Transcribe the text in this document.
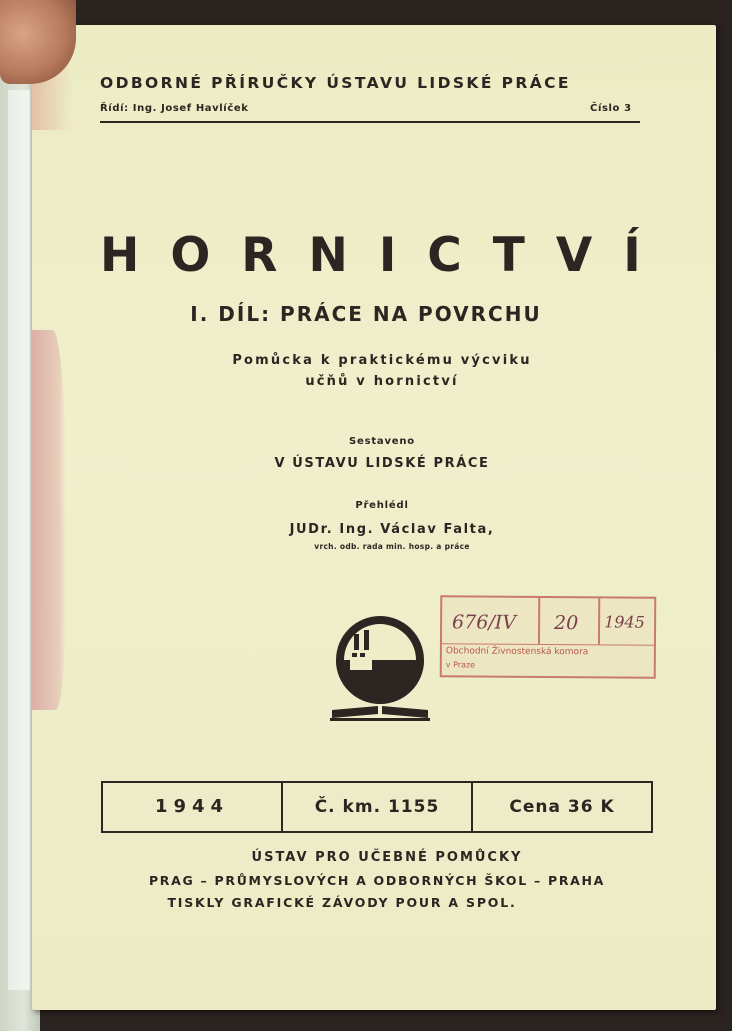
ODBORNÉ PŘÍRUČKY ÚSTAVU LIDSKÉ PRÁCE
Řídí: Ing. Josef Havlíček	Číslo 3
HORNICTVÍ
I. DÍL: PRÁCE NA POVRCHU
Pomůcka k praktickému výcviku
učňů v hornictví
Sestaveno
V ÚSTAVU LIDSKÉ PRÁCE
Přehlédl
JUDr. Ing. Václav Falta,
vrch. odb. rada min. hosp. a práce
676/IV 20 1945
Obchodní Živnostenská komora
v Praze
1944	Č. km. 1155	Cena 36 K
ÚSTAV PRO UČEBNÉ POMŮCKY
PRAG – PRŮMYSLOVÝCH A ODBORNÝCH ŠKOL – PRAHA
TISKLY GRAFICKÉ ZÁVODY POUR A SPOL.
